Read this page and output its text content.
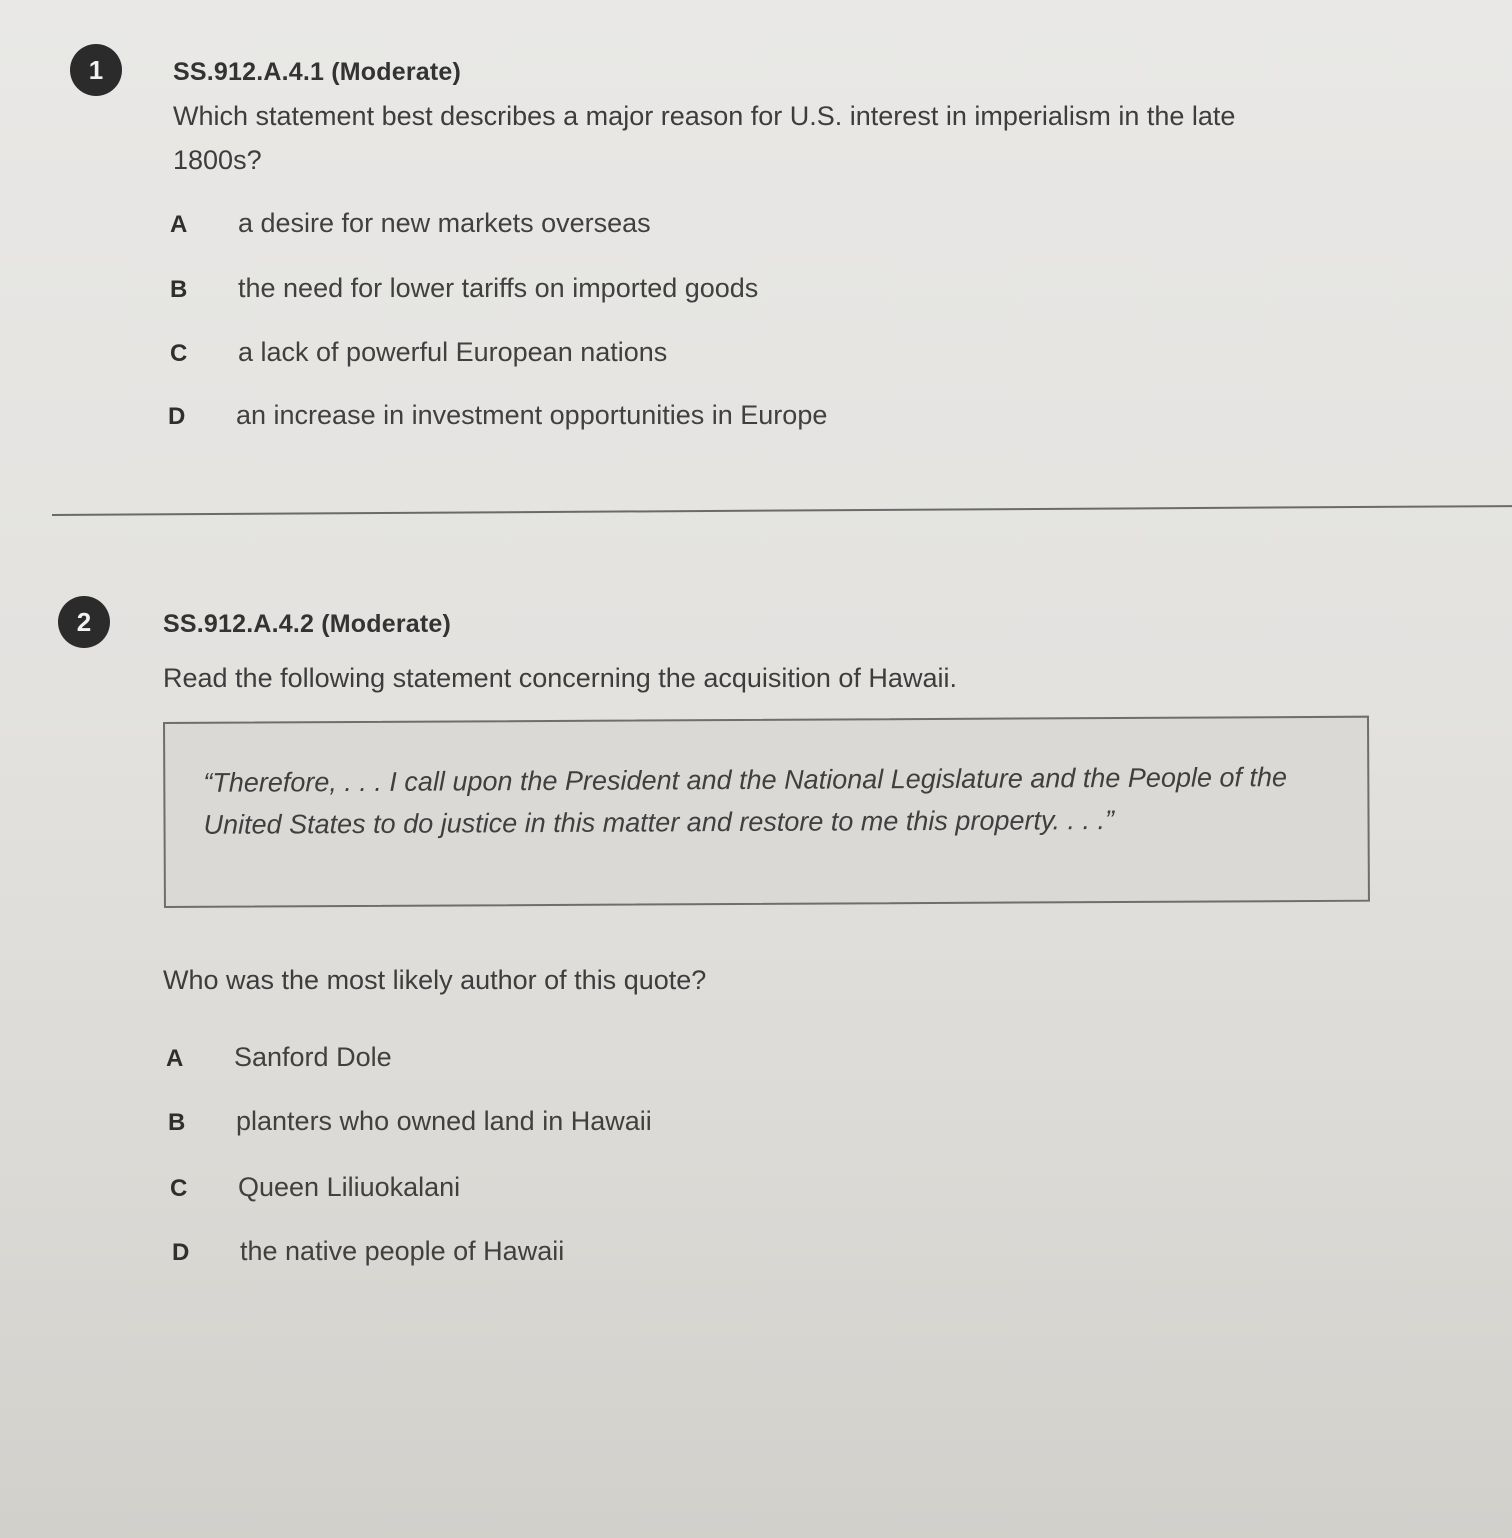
1	SS.912.A.4.1 (Moderate)
Which statement best describes a major reason for U.S. interest in imperialism in the late 1800s?
A	a desire for new markets overseas
B	the need for lower tariffs on imported goods
C	a lack of powerful European nations
D	an increase in investment opportunities in Europe
2	SS.912.A.4.2 (Moderate)
Read the following statement concerning the acquisition of Hawaii.
“Therefore, . . . I call upon the President and the National Legislature and the People of the United States to do justice in this matter and restore to me this property. . . .”
Who was the most likely author of this quote?
A	Sanford Dole
B	planters who owned land in Hawaii
C	Queen Liliuokalani
D	the native people of Hawaii
